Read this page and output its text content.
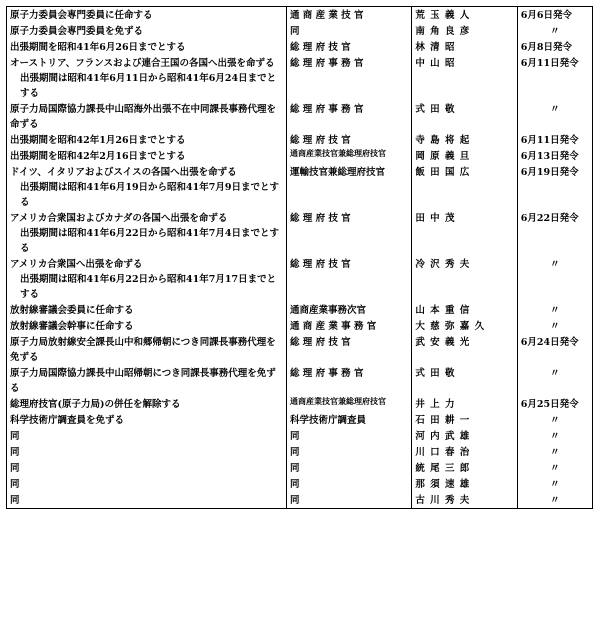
原子力委員会専門委員に任命する	通 商 産 業 技 官	荒 玉 義 人	6月6日発令
原子力委員会専門委員を免ずる	同	南 角 良 彦	〃

出張期間を昭和41年6月26日までとする	総 理 府 技 官	林 清 昭	6月8日発令
オーストリア、フランスおよび連合王国の各国へ出張を命ずる
出張期間は昭和41年6月11日から昭和41年6月24日までとする	総 理 府 事 務 官	中 山 昭	6月11日発令
原子力局国際協力課長中山昭海外出張不在中同課長事務代理を命ずる	総 理 府 事 務 官	式 田 敬	〃

出張期間を昭和42年1月26日までとする	総 理 府 技 官	寺 島 将 起	6月11日発令
出張期間を昭和42年2月16日までとする	通商産業技官兼総理府技官	岡 原 義 旦	6月13日発令
ドイツ、イタリアおよびスイスの各国へ出張を命ずる
出張期間は昭和41年6月19日から昭和41年7月9日までとする	運輸技官兼総理府技官	飯 田 国 広	6月19日発令
アメリカ合衆国およびカナダの各国へ出張を命ずる
出張期間は昭和41年6月22日から昭和41年7月4日までとする	総 理 府 技 官	田 中 茂	6月22日発令
アメリカ合衆国へ出張を命ずる
出張期間は昭和41年6月22日から昭和41年7月17日までとする	総 理 府 技 官	冷 沢 秀 夫	〃

放射線審議会委員に任命する	通商産業事務次官	山 本 重 信	〃

放射線審議会幹事に任命する	通 商 産 業 事 務 官	大 慈 弥 嘉 久	〃

原子力局放射線安全課長山中和郷帰朝につき同課長事務代理を免ずる	総 理 府 技 官	武 安 義 光	6月24日発令
原子力局国際協力課長中山昭帰朝につき同課長事務代理を免ずる	総 理 府 事 務 官	式 田 敬	〃

総理府技官(原子力局)の併任を解除する	通商産業技官兼総理府技官	井 上 力	6月25日発令
科学技術庁調査員を免ずる	科学技術庁調査員	石 田 耕 一	〃

同	同	河 内 武 雄	〃

同	同	川 口 春 治	〃

同	同	統 尾 三 郎	〃

同	同	那 須 速 雄	〃

同	同	古 川 秀 夫	〃
